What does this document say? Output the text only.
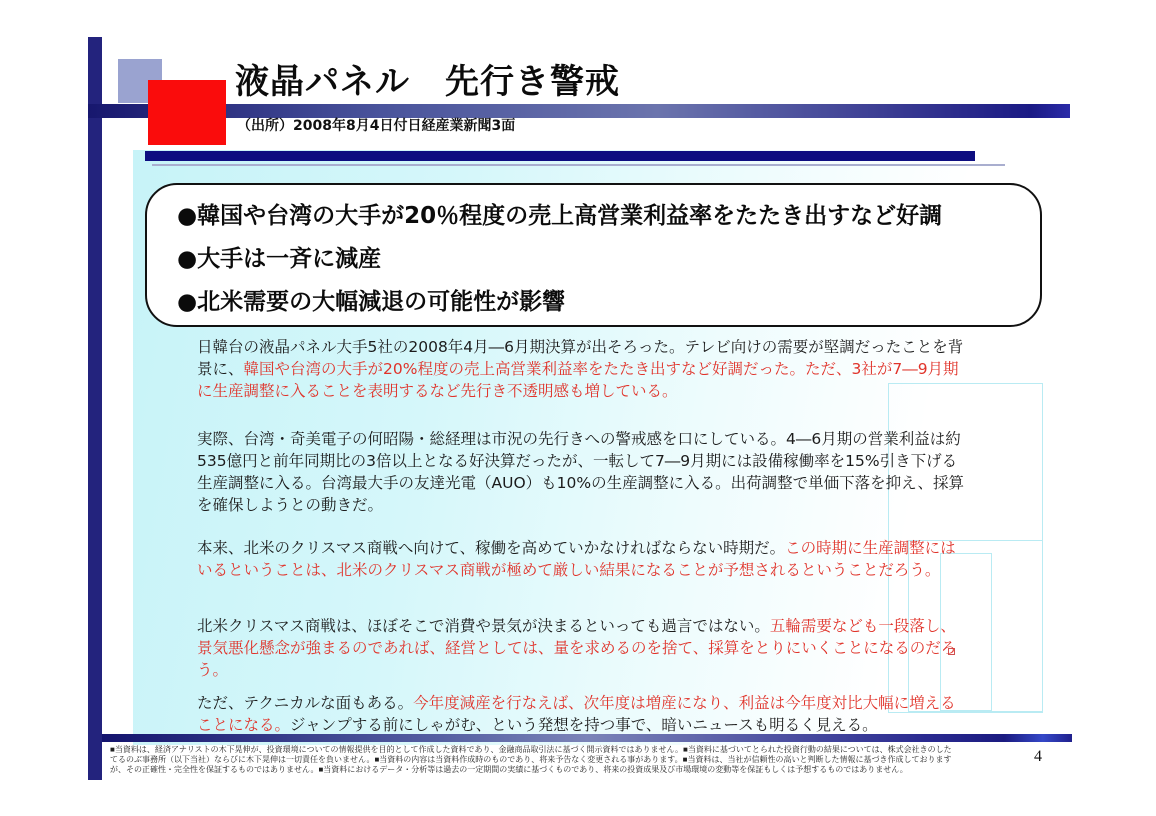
液晶パネル　先行き警戒
（出所）2008年8月4日付日経産業新聞3面
●韓国や台湾の大手が20％程度の売上高営業利益率をたたき出すなど好調
●大手は一斉に減産
●北米需要の大幅減退の可能性が影響
日韓台の液晶パネル大手5社の2008年4月―6月期決算が出そろった。テレビ向けの需要が堅調だったことを背景に、韓国や台湾の大手が20%程度の売上高営業利益率をたたき出すなど好調だった。ただ、3社が7―9月期に生産調整に入ることを表明するなど先行き不透明感も増している。
実際、台湾・奇美電子の何昭陽・総経理は市況の先行きへの警戒感を口にしている。4―6月期の営業利益は約535億円と前年同期比の3倍以上となる好決算だったが、一転して7―9月期には設備稼働率を15%引き下げる生産調整に入る。台湾最大手の友達光電（AUO）も10%の生産調整に入る。出荷調整で単価下落を抑え、採算を確保しようとの動きだ。
本来、北米のクリスマス商戦へ向けて、稼働を高めていかなければならない時期だ。この時期に生産調整にはいるということは、北米のクリスマス商戦が極めて厳しい結果になることが予想されるということだろう。
北米クリスマス商戦は、ほぼそこで消費や景気が決まるといっても過言ではない。五輪需要なども一段落し、景気悪化懸念が強まるのであれば、経営としては、量を求めるのを捨て、採算をとりにいくことになるのだろう。
ただ、テクニカルな面もある。今年度減産を行なえば、次年度は増産になり、利益は今年度対比大幅に増えることになる。ジャンプする前にしゃがむ、という発想を持つ事で、暗いニュースも明るく見える。
■当資料は、経済アナリストの木下晃伸が、投資環境についての情報提供を目的として作成した資料であり、金融商品取引法に基づく開示資料ではありません。■当資料に基づいてとられた投資行動の結果については、株式会社きのした
てるのぶ事務所（以下当社）ならびに木下晃伸は一切責任を負いません。■当資料の内容は当資料作成時のものであり、将来予告なく変更される事があります。■当資料は、当社が信頼性の高いと判断した情報に基づき作成しております
が、その正確性・完全性を保証するものではありません。■当資料におけるデータ・分析等は過去の一定期間の実績に基づくものであり、将来の投資成果及び市場環境の変動等を保証もしくは予想するものではありません。
4
